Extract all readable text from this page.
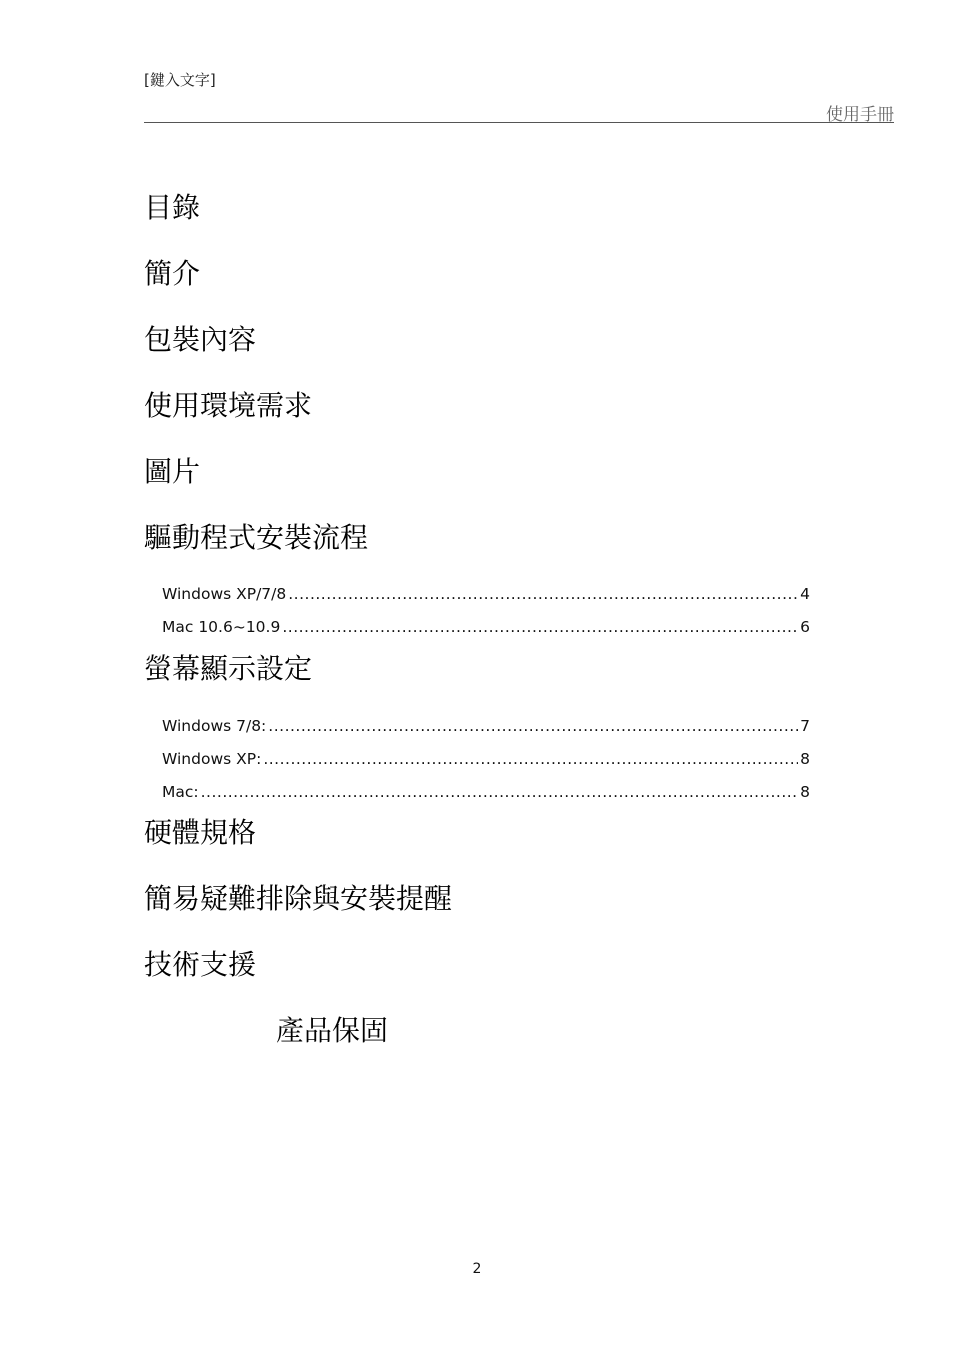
[鍵入文字]
使用手冊
目錄
簡介
包裝內容
使用環境需求
圖片
驅動程式安裝流程
Windows XP/7/8 .....	4
Mac 10.6~10.9 .....	6
螢幕顯示設定
Windows 7/8: .....	7
Windows XP: .....	8
Mac: .....	8
硬體規格
簡易疑難排除與安裝提醒
技術支援
產品保固
2
